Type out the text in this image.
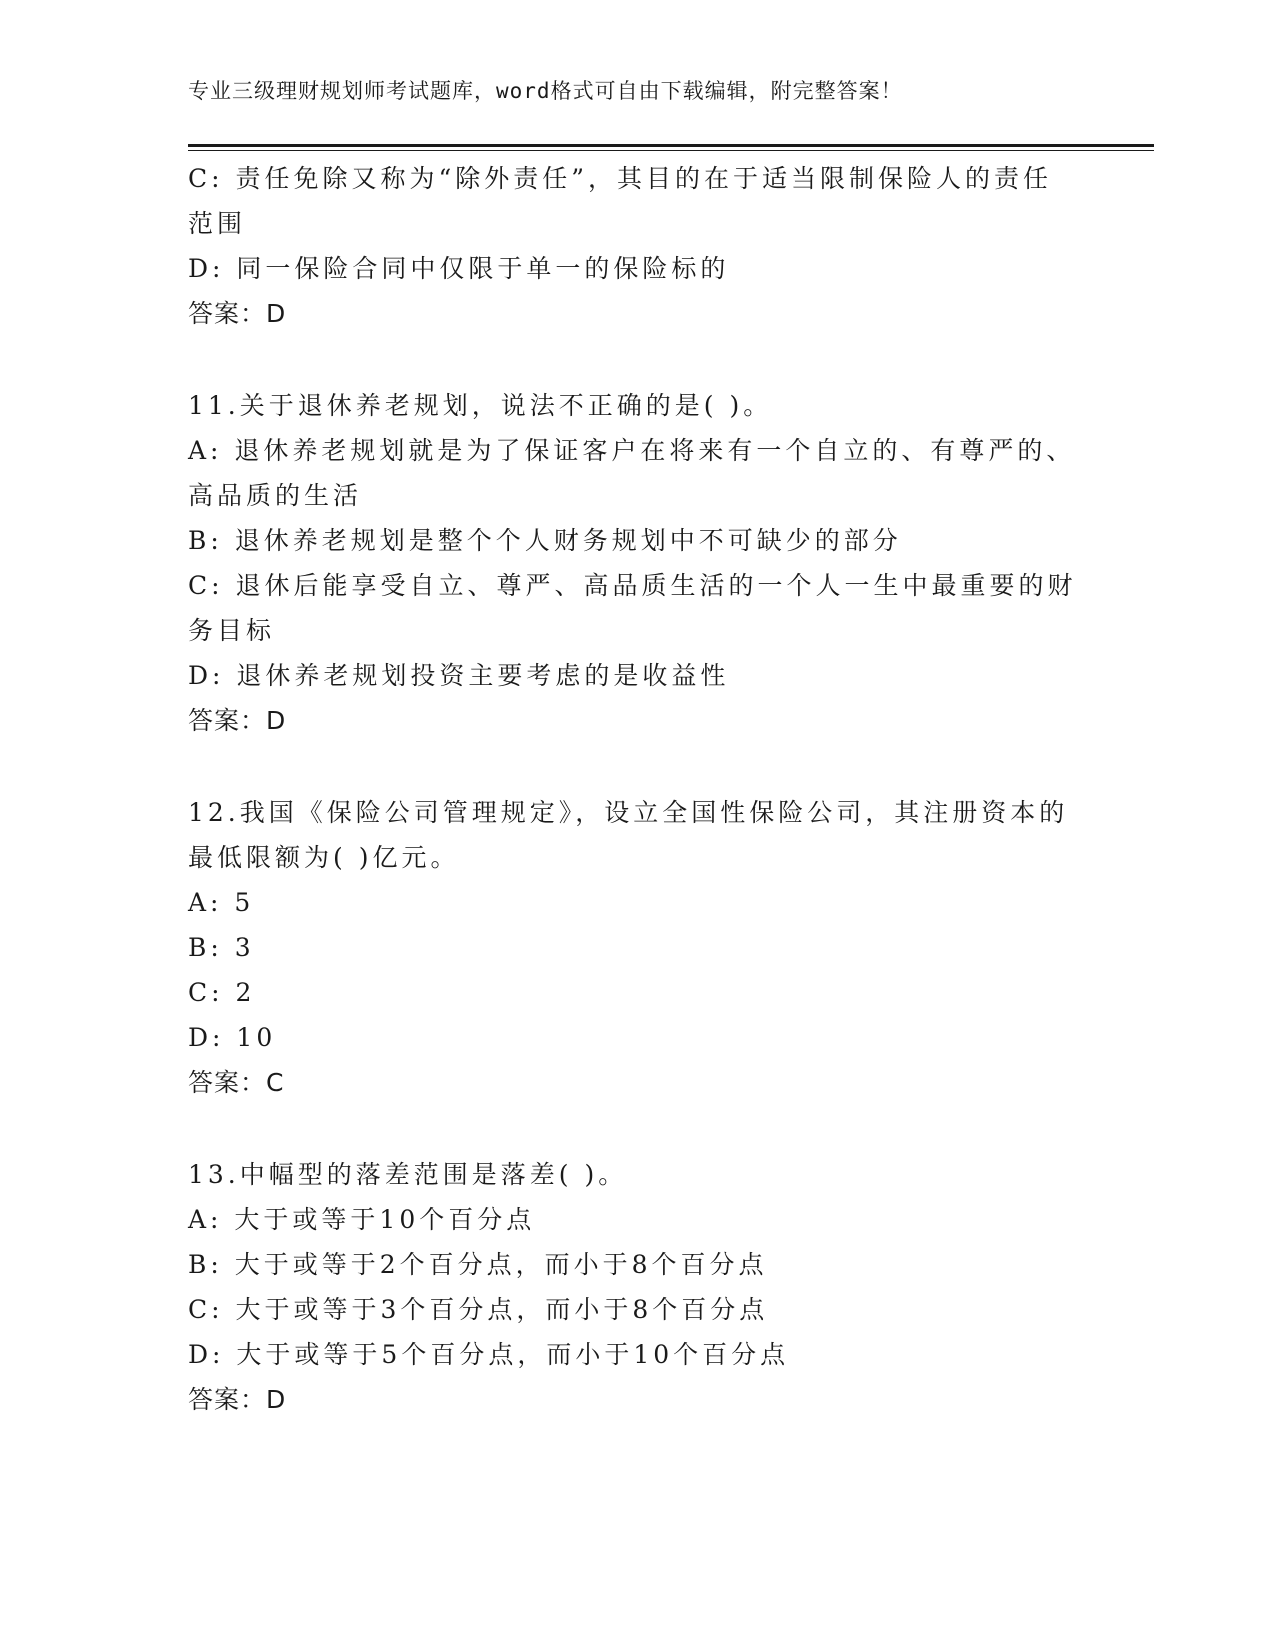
专业三级理财规划师考试题库，word格式可自由下载编辑，附完整答案！
C: 责任免除又称为“除外责任”，其目的在于适当限制保险人的责任
范围
D: 同一保险合同中仅限于单一的保险标的
答案：D
11.关于退休养老规划，说法不正确的是( )。
A: 退休养老规划就是为了保证客户在将来有一个自立的、有尊严的、
高品质的生活
B: 退休养老规划是整个个人财务规划中不可缺少的部分
C: 退休后能享受自立、尊严、高品质生活的一个人一生中最重要的财
务目标
D: 退休养老规划投资主要考虑的是收益性
答案：D
12.我国《保险公司管理规定》，设立全国性保险公司，其注册资本的
最低限额为( )亿元。
A: 5
B: 3
C: 2
D: 10
答案：C
13.中幅型的落差范围是落差( )。
A: 大于或等于10个百分点
B: 大于或等于2个百分点，而小于8个百分点
C: 大于或等于3个百分点，而小于8个百分点
D: 大于或等于5个百分点，而小于10个百分点
答案：D
